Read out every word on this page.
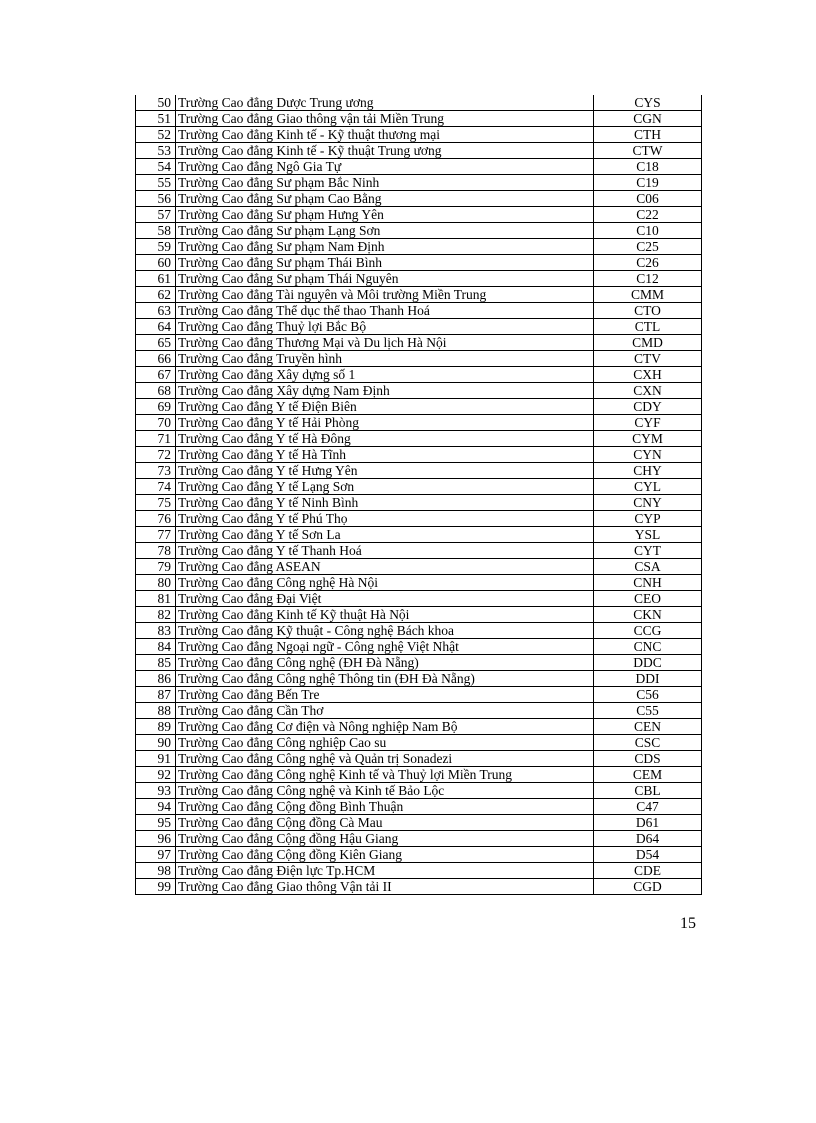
50	Trường Cao đẳng Dược Trung ương	CYS
51	Trường Cao đẳng Giao thông vận tải Miền Trung	CGN
52	Trường Cao đẳng Kinh tế - Kỹ thuật thương mại	CTH
53	Trường Cao đẳng Kinh tế - Kỹ thuật Trung ương	CTW
54	Trường Cao đẳng Ngô Gia Tự	C18
55	Trường Cao đẳng Sư phạm Bắc Ninh	C19
56	Trường Cao đẳng Sư phạm Cao Bằng	C06
57	Trường Cao đẳng Sư phạm Hưng Yên	C22
58	Trường Cao đẳng Sư phạm Lạng Sơn	C10
59	Trường Cao đẳng Sư phạm Nam Định	C25
60	Trường Cao đẳng Sư phạm Thái Bình	C26
61	Trường Cao đẳng Sư phạm Thái Nguyên	C12
62	Trường Cao đẳng Tài nguyên và Môi trường Miền Trung	CMM
63	Trường Cao đẳng Thể dục thể thao Thanh Hoá	CTO
64	Trường Cao đẳng Thuỷ lợi Bắc Bộ	CTL
65	Trường Cao đẳng Thương Mại và Du lịch Hà Nội	CMD
66	Trường Cao đẳng Truyền hình	CTV
67	Trường Cao đẳng Xây dựng số 1	CXH
68	Trường Cao đẳng Xây dựng Nam Định	CXN
69	Trường Cao đẳng Y tế Điện Biên	CDY
70	Trường Cao đẳng Y tế Hải Phòng	CYF
71	Trường Cao đẳng Y tế Hà Đông	CYM
72	Trường Cao đẳng Y tế Hà Tĩnh	CYN
73	Trường Cao đẳng Y tế Hưng Yên	CHY
74	Trường Cao đẳng Y tế Lạng Sơn	CYL
75	Trường Cao đẳng Y tế Ninh Bình	CNY
76	Trường Cao đẳng Y tế Phú Thọ	CYP
77	Trường Cao đẳng Y tế Sơn La	YSL
78	Trường Cao đẳng Y tế Thanh Hoá	CYT
79	Trường Cao đẳng ASEAN	CSA
80	Trường Cao đẳng Công nghệ Hà Nội	CNH
81	Trường Cao đẳng Đại Việt	CEO
82	Trường Cao đẳng Kinh tế Kỹ thuật Hà Nội	CKN
83	Trường Cao đẳng Kỹ thuật - Công nghệ Bách khoa	CCG
84	Trường Cao đẳng Ngoại ngữ - Công nghệ Việt Nhật	CNC
85	Trường Cao đẳng Công nghệ (ĐH Đà Nẵng)	DDC
86	Trường Cao đẳng Công nghệ Thông tin (ĐH Đà Nẵng)	DDI
87	Trường Cao đẳng Bến Tre	C56
88	Trường Cao đẳng Cần Thơ	C55
89	Trường Cao đẳng Cơ điện và Nông nghiệp Nam Bộ	CEN
90	Trường Cao đẳng Công nghiệp Cao su	CSC
91	Trường Cao đẳng Công nghệ và Quản trị Sonadezi	CDS
92	Trường Cao đẳng Công nghệ Kinh tế và Thuỷ lợi Miền Trung	CEM
93	Trường Cao đẳng Công nghệ và Kinh tế Bảo Lộc	CBL
94	Trường Cao đẳng Cộng đồng Bình Thuận	C47
95	Trường Cao đẳng Cộng đồng Cà Mau	D61
96	Trường Cao đẳng Cộng đồng Hậu Giang	D64
97	Trường Cao đẳng Cộng đồng Kiên Giang	D54
98	Trường Cao đẳng Điện lực Tp.HCM	CDE
99	Trường Cao đẳng Giao thông Vận tải II	CGD
15
